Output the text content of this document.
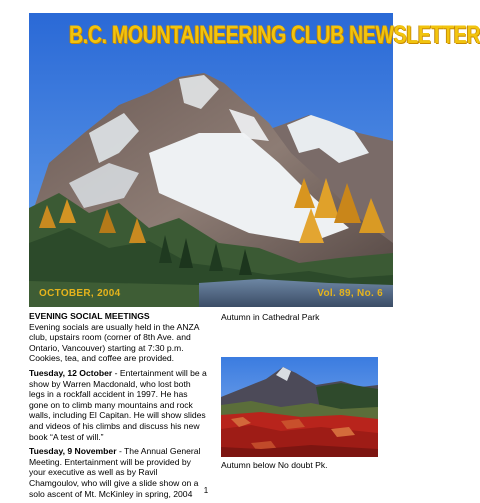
B.C. MOUNTAINEERING CLUB NEWSLETTER
OCTOBER, 2004	Vol. 89, No. 6
EVENING SOCIAL MEETINGS

Evening socials are usually held in the ANZA club, upstairs room (corner of 8th Ave. and Ontario, Vancouver) starting at 7:30 p.m. Cookies, tea, and coffee are provided.

Tuesday, 12 October - Entertainment will be a show by Warren Macdonald, who lost both legs in a rockfall accident in 1997. He has gone on to climb many mountains and rock walls, including El Capitan. He will show slides and videos of his climbs and discuss his new book “A test of will.”

Tuesday, 9 November - The Annual General Meeting. Entertainment will be provided by your executive as well as by Ravil Chamgoulov, who will give a slide show on a solo ascent of Mt. McKinley in spring, 2004

Autumn in Cathedral Park
Autumn below No doubt Pk.
1
